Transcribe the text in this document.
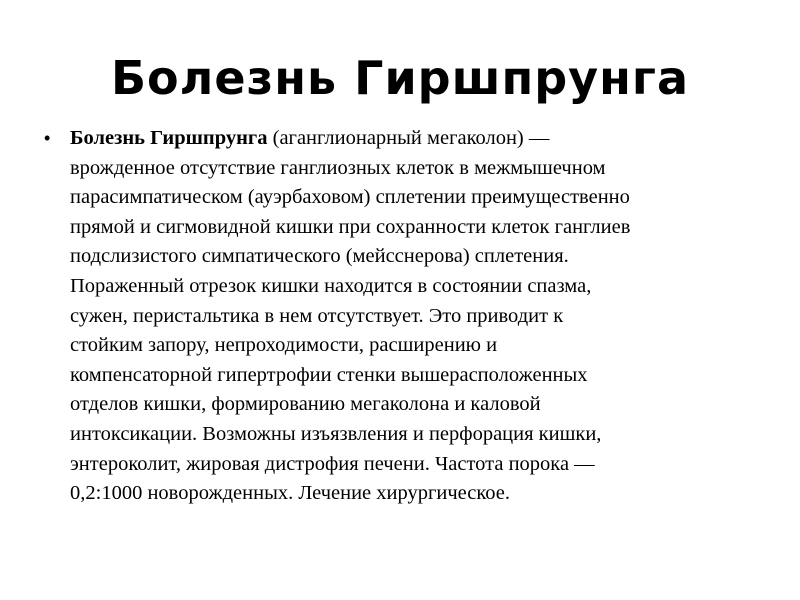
Болезнь Гиршпрунга
• Болезнь Гиршпрунга (аганглионарный мегаколон) —
врожденное отсутствие ганглиозных клеток в межмышечном
парасимпатическом (ауэрбаховом) сплетении преимущественно
прямой и сигмовидной кишки при сохранности клеток ганглиев
подслизистого симпатического (мейсснерова) сплетения.
Пораженный отрезок кишки находится в состоянии спазма,
сужен, перистальтика в нем отсутствует. Это приводит к
стойким запору, непроходимости, расширению и
компенсаторной гипертрофии стенки вышерасположенных
отделов кишки, формированию мегаколона и каловой
интоксикации. Возможны изъязвления и перфорация кишки,
энтероколит, жировая дистрофия печени. Частота порока —
0,2:1000 новорожденных. Лечение хирургическое.
